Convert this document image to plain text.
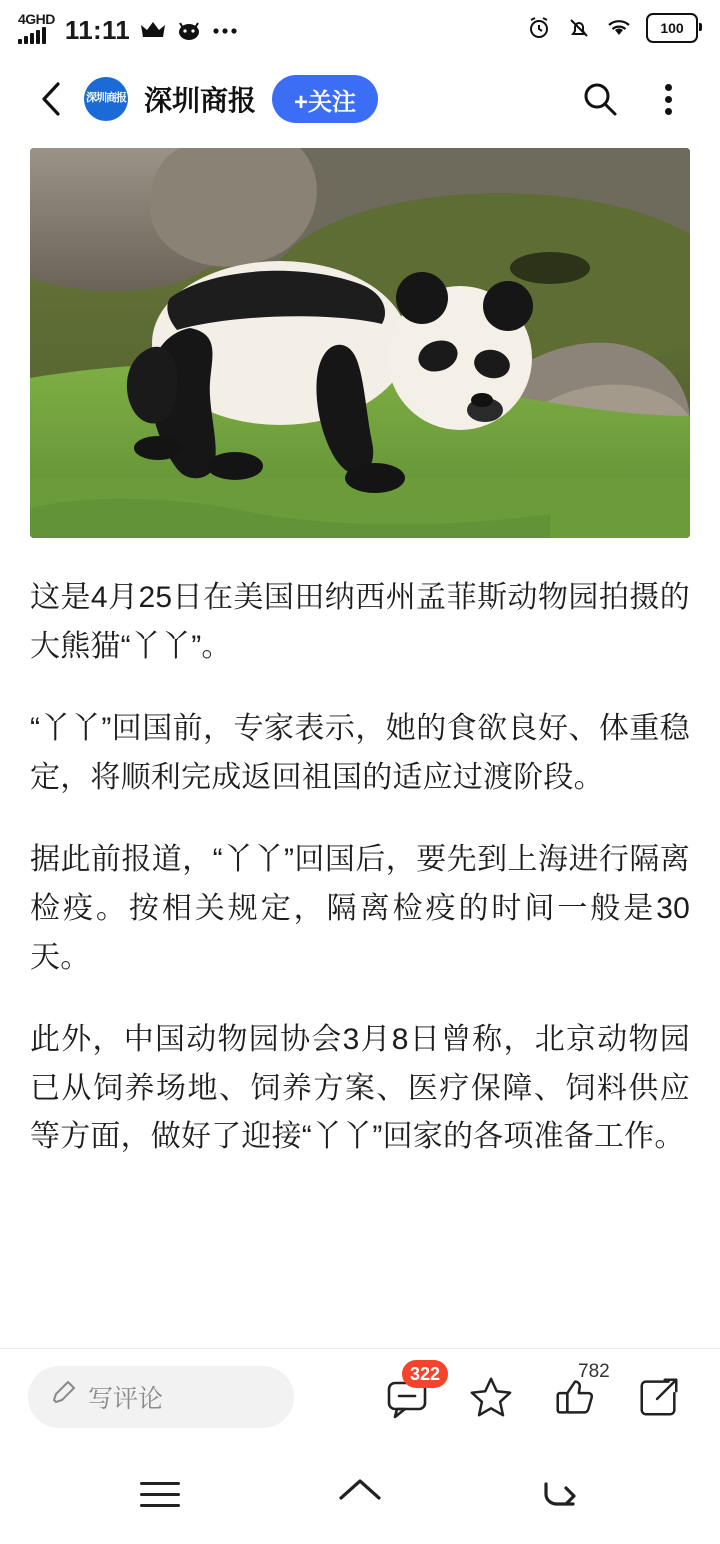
4GHD 11:11	100
深圳商报 深圳商报	+关注

这是4月25日在美国田纳西州孟菲斯动物园拍摄的大熊猫“丫丫”。

“丫丫”回国前，专家表示，她的食欲良好、体重稳定，将顺利完成返回祖国的适应过渡阶段。

据此前报道，“丫丫”回国后，要先到上海进行隔离检疫。按相关规定，隔离检疫的时间一般是30天。

此外，中国动物园协会3月8日曾称，北京动物园已从饲养场地、饲养方案、医疗保障、饲料供应等方面，做好了迎接“丫丫”回家的各项准备工作。

写评论
322	782
